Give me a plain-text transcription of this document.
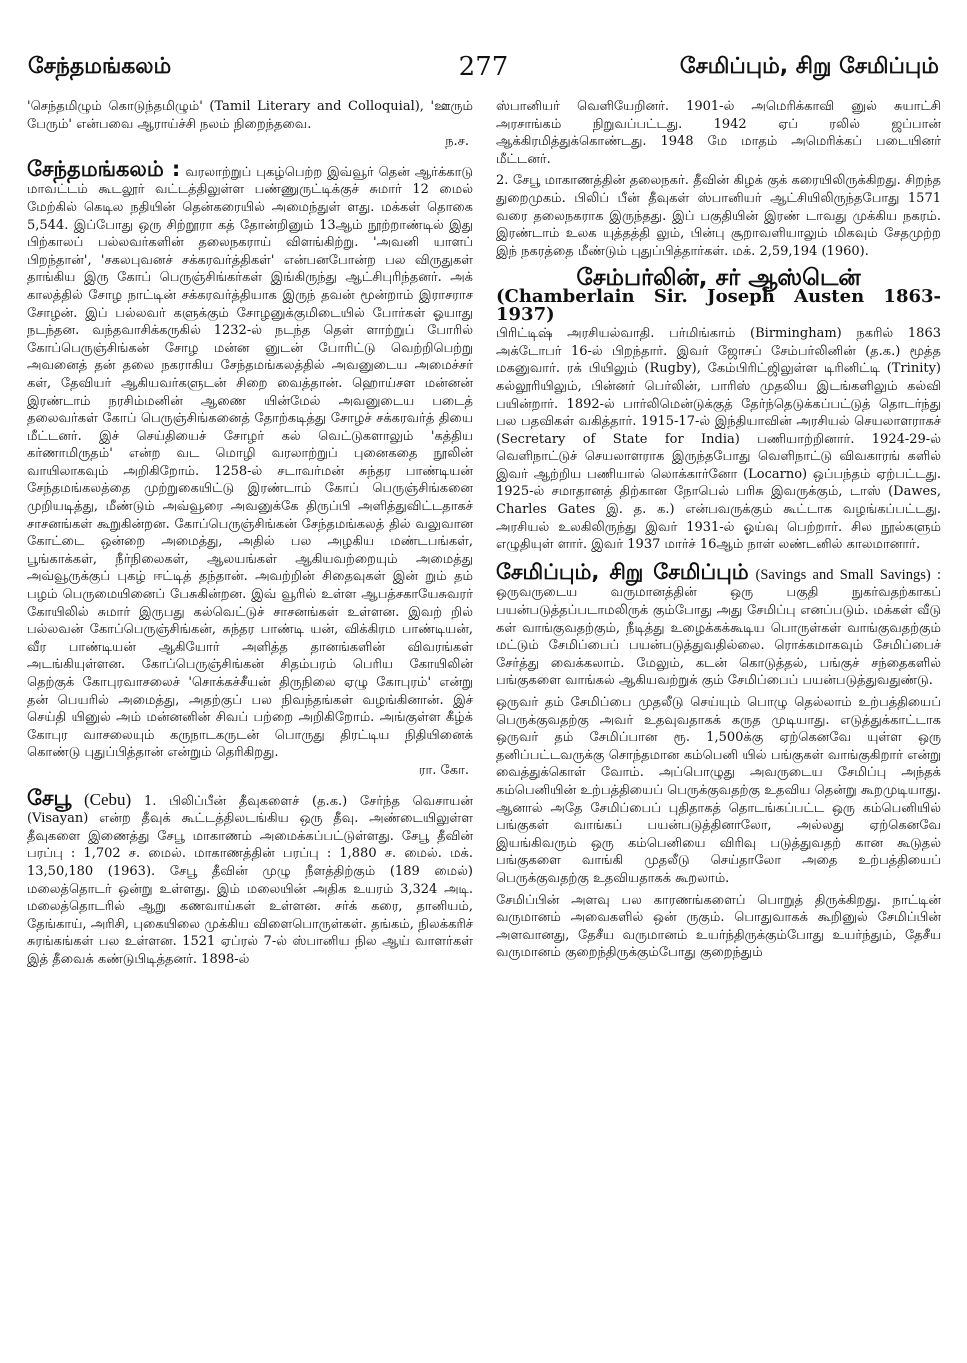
சேந்தமங்கலம்	277	சேமிப்பும், சிறு சேமிப்பும்

'செந்தமிழும் கொடுந்தமிழும்' (Tamil Literary and Colloquial), 'ஊரும் பேரும்' என்பவை ஆராய்ச்சி நலம் நிறைந்தவை.
ந.ச.

சேந்தமங்கலம் : வரலாற்றுப் புகழ்பெற்ற இவ்வூர் தென் ஆர்க்காடு மாவட்டம் கூடலூர் வட்டத்திலுள்ள பண்ணுருட்டிக்குச் சுமார் 12 மைல் மேற்கில் கெடில நதியின் தென்கரையில் அமைந்துள் ளது. மக்கள் தொகை 5,544. இப்போது ஒரு சிற்றூரா கத் தோன்றினும் 13ஆம் நூற்றாண்டில் இது பிற்காலப் பல்லவர்களின் தலைநகராய் விளங்கிற்று. 'அவனி யாளப் பிறந்தான்', 'சகலபுவனச் சக்கரவர்த்திகள்' என்பனபோன்ற பல விருதுகள் தாங்கிய இரு கோப் பெருஞ்சிங்கர்கள் இங்கிருந்து ஆட்சிபுரிந்தனர். அக் காலத்தில் சோழ நாட்டின் சக்கரவர்த்தியாக இருந் தவன் மூன்றாம் இராசராச சோழன். இப் பல்லவர் களுக்கும் சோழனுக்குமிடையில் போர்கள் ஓயாது நடந்தன. வந்தவாசிக்கருகில் 1232-ல் நடந்த தெள் ளாற்றுப் போரில் கோப்பெருஞ்சிங்கன் சோழ மன்ன னுடன் போரிட்டு வெற்றிபெற்று அவனைத் தன் தலை நகராகிய சேந்தமங்கலத்தில் அவனுடைய அமைச்சர் கள், தேவியர் ஆகியவர்களுடன் சிறை வைத்தான். ஹொய்சள மன்னன் இரண்டாம் நரசிம்மனின் ஆணை யின்மேல் அவனுடைய படைத் தலைவர்கள் கோப் பெருஞ்சிங்கனைத் தோற்கடித்து சோழச் சக்கரவர்த் தியை மீட்டனர். இச் செய்தியைச் சோழர் கல் வெட்டுகளாலும் 'கத்திய கர்ணாமிருதம்' என்ற வட மொழி வரலாற்றுப் புனைகதை நூலின் வாயிலாகவும் அறிகிறோம். 1258-ல் சடாவர்மன் சுந்தர பாண்டியன் சேந்தமங்கலத்தை முற்றுகையிட்டு இரண்டாம் கோப் பெருஞ்சிங்கனை முறியடித்து, மீண்டும் அவ்வூரை அவனுக்கே திருப்பி அளித்துவிட்டதாகச் சாசனங்கள் கூறுகின்றன. கோப்பெருஞ்சிங்கன் சேந்தமங்கலத் தில் வலுவான கோட்டை ஒன்றை அமைத்து, அதில் பல அழகிய மண்டபங்கள், பூங்காக்கள், நீர்நிலைகள், ஆலயங்கள் ஆகியவற்றையும் அமைத்து அவ்வூருக்குப் புகழ் ஈட்டித் தந்தான். அவற்றின் சிதைவுகள் இன் றும் தம் பழம் பெருமையினைப் பேசுகின்றன. இவ் வூரில் உள்ள ஆபத்சகாயேசுவரர் கோயிலில் சுமார் இருபது கல்வெட்டுச் சாசனங்கள் உள்ளன. இவற் றில் பல்லவன் கோப்பெருஞ்சிங்கன், சுந்தர பாண்டி யன், விக்கிரம பாண்டியன், வீர பாண்டியன் ஆகியோர் அளித்த தானங்களின் விவரங்கள் அடங்கியுள்ளன. கோப்பெருஞ்சிங்கன் சிதம்பரம் பெரிய கோயிலின் தெற்குக் கோபுரவாசலைச் 'சொக்கச்சீயன் திருநிலை ஏழு கோபுரம்' என்று தன் பெயரில் அமைத்து, அதற்குப் பல நிவந்தங்கள் வழங்கினான். இச் செய்தி யினுல் அம் மன்னனின் சிவப் பற்றை அறிகிறோம். அங்குள்ள கீழ்க் கோபுர வாசலையும் கருநாடகருடன் பொருது திரட்டிய நிதியினைக் கொண்டு புதுப்பித்தான் என்றும் தெரிகிறது.
ரா. கோ.

சேபூ (Cebu) 1. பிலிப்பீன் தீவுகளைச் (த.க.) சேர்ந்த வெசாயன் (Visayan) என்ற தீவுக் கூட்டத்திலடங்கிய ஒரு தீவு. அண்டையிலுள்ள தீவுகளை இணைத்து சேபூ மாகாணம் அமைக்கப்பட்டுள்ளது. சேபூ தீவின் பரப்பு : 1,702 ச. மைல். மாகாணத்தின் பரப்பு : 1,880 ச. மைல். மக். 13,50,180 (1963). சேபூ தீவின் முழு நீளத்திற்கும் (189 மைல்) மலைத்தொடர் ஒன்று உள்ளது. இம் மலையின் அதிக உயரம் 3,324 அடி. மலைத்தொடரில் ஆறு கணவாய்கள் உள்ளன. சர்க் கரை, தானியம், தேங்காய், அரிசி, புகையிலை முக்கிய விளைபொருள்கள். தங்கம், நிலக்கரிச் சுரங்கங்கள் பல உள்ளன. 1521 ஏப்ரல் 7-ல் ஸ்பானிய நில ஆய் வாளர்கள் இத் தீவைக் கண்டுபிடித்தனர். 1898-ல்

ஸ்பானியர் வெளியேறினர். 1901-ல் அமெரிக்காவி னுல் சுயாட்சி அரசாங்கம் நிறுவப்பட்டது. 1942 ஏப் ரலில் ஜப்பான் ஆக்கிரமித்துக்கொண்டது. 1948 மே மாதம் அமெரிக்கப் படையினர் மீட்டனர்.

2. சேபூ மாகாணத்தின் தலைநகர். தீவின் கிழக் குக் கரையிலிருக்கிறது. சிறந்த துறைமுகம். பிலிப் பீன் தீவுகள் ஸ்பானியர் ஆட்சியிலிருந்தபோது 1571 வரை தலைநகராக இருந்தது. இப் பகுதியின் இரண் டாவது முக்கிய நகரம். இரண்டாம் உலக யுத்தத்தி லும், பின்பு சூறாவளியாலும் மிகவும் சேதமுற்ற இந் நகரத்தை மீண்டும் புதுப்பித்தார்கள். மக். 2,59,194 (1960).

சேம்பர்லின், சர் ஆஸ்டென்
(Chamberlain Sir. Joseph Austen 1863-1937)
பிரிட்டிஷ் அரசியல்வாதி. பர்மிங்காம் (Birmingham) நகரில் 1863 அக்டோபர் 16-ல் பிறந்தார். இவர் ஜோசப் சேம்பர்லினின் (த.க.) மூத்த மகனுவார். ரக் பியிலும் (Rugby), கேம்பிரிட்ஜிலுள்ள டிரினிட்டி (Trinity) கல்லூரியிலும், பின்னர் பெர்லின், பாரிஸ் முதலிய இடங்களிலும் கல்வி பயின்றார். 1892-ல் பார்லிமென்டுக்குத் தேர்ந்தெடுக்கப்பட்டுத் தொடர்ந்து பல பதவிகள் வகித்தார். 1915-17-ல் இந்தியாவின் அரசியல் செயலாளராகச் (Secretary of State for India) பணியாற்றினார். 1924-29-ல் வெளிநாட்டுச் செயலாளராக இருந்தபோது வெளிநாட்டு விவகாரங் களில் இவர் ஆற்றிய பணியால் லொக்கார்னோ (Locarno) ஒப்பந்தம் ஏற்பட்டது. 1925-ல் சமாதானத் திற்கான நோபெல் பரிசு இவருக்கும், டாஸ் (Dawes, Charles Gates இ. த. க.) என்பவருக்கும் கூட்டாக வழங்கப்பட்டது. அரசியல் உலகிலிருந்து இவர் 1931-ல் ஓய்வு பெற்றார். சில நூல்களும் எழுதியுள் ளார். இவர் 1937 மார்ச் 16ஆம் நாள் லண்டனில் காலமானார்.

சேமிப்பும், சிறு சேமிப்பும் (Savings and Small Savings) : ஒருவருடைய வருமானத்தின் ஒரு பகுதி நுகர்வதற்காகப் பயன்படுத்தப்படாமலிருக் கும்போது அது சேமிப்பு எனப்படும். மக்கள் வீடு கள் வாங்குவதற்கும், நீடித்து உழைக்கக்கூடிய பொருள்கள் வாங்குவதற்கும் மட்டும் சேமிப்பைப் பயன்படுத்துவதில்லை. ரொக்கமாகவும் சேமிப்பைச் சேர்த்து வைக்கலாம். மேலும், கடன் கொடுத்தல், பங்குச் சந்தைகளில் பங்குகளை வாங்கல் ஆகியவற்றுக் கும் சேமிப்பைப் பயன்படுத்துவதுண்டு.

ஒருவர் தம் சேமிப்பை முதலீடு செய்யும் பொழு தெல்லாம் உற்பத்தியைப் பெருக்குவதற்கு அவர் உதவுவதாகக் கருத முடியாது. எடுத்துக்காட்டாக ஒருவர் தம் சேமிப்பான ரூ. 1,500க்கு ஏற்கெனவே யுள்ள ஒரு தனிப்பட்டவருக்கு சொந்தமான கம்பெனி யில் பங்குகள் வாங்குகிறார் என்று வைத்துக்கொள் வோம். அப்பொழுது அவருடைய சேமிப்பு அந்தக் கம்பெனியின் உற்பத்தியைப் பெருக்குவதற்கு உதவிய தென்று கூறமுடியாது. ஆனால் அதே சேமிப்பைப் புதிதாகத் தொடங்கப்பட்ட ஒரு கம்பெனியில் பங்குகள் வாங்கப் பயன்படுத்தினாலோ, அல்லது ஏற்கெனவே இயங்கிவரும் ஒரு கம்பெனியை விரிவு படுத்துவதற் கான கூடுதல் பங்குகளை வாங்கி முதலீடு செய்தாலோ அதை உற்பத்தியைப் பெருக்குவதற்கு உதவியதாகக் கூறலாம்.

சேமிப்பின் அளவு பல காரணங்களைப் பொறுத் திருக்கிறது. நாட்டின் வருமானம் அவைகளில் ஒன் ருகும். பொதுவாகக் கூறினுல் சேமிப்பின் அளவானது, தேசீய வருமானம் உயர்ந்திருக்கும்போது உயர்ந்தும், தேசீய வருமானம் குறைந்திருக்கும்போது குறைந்தும்
